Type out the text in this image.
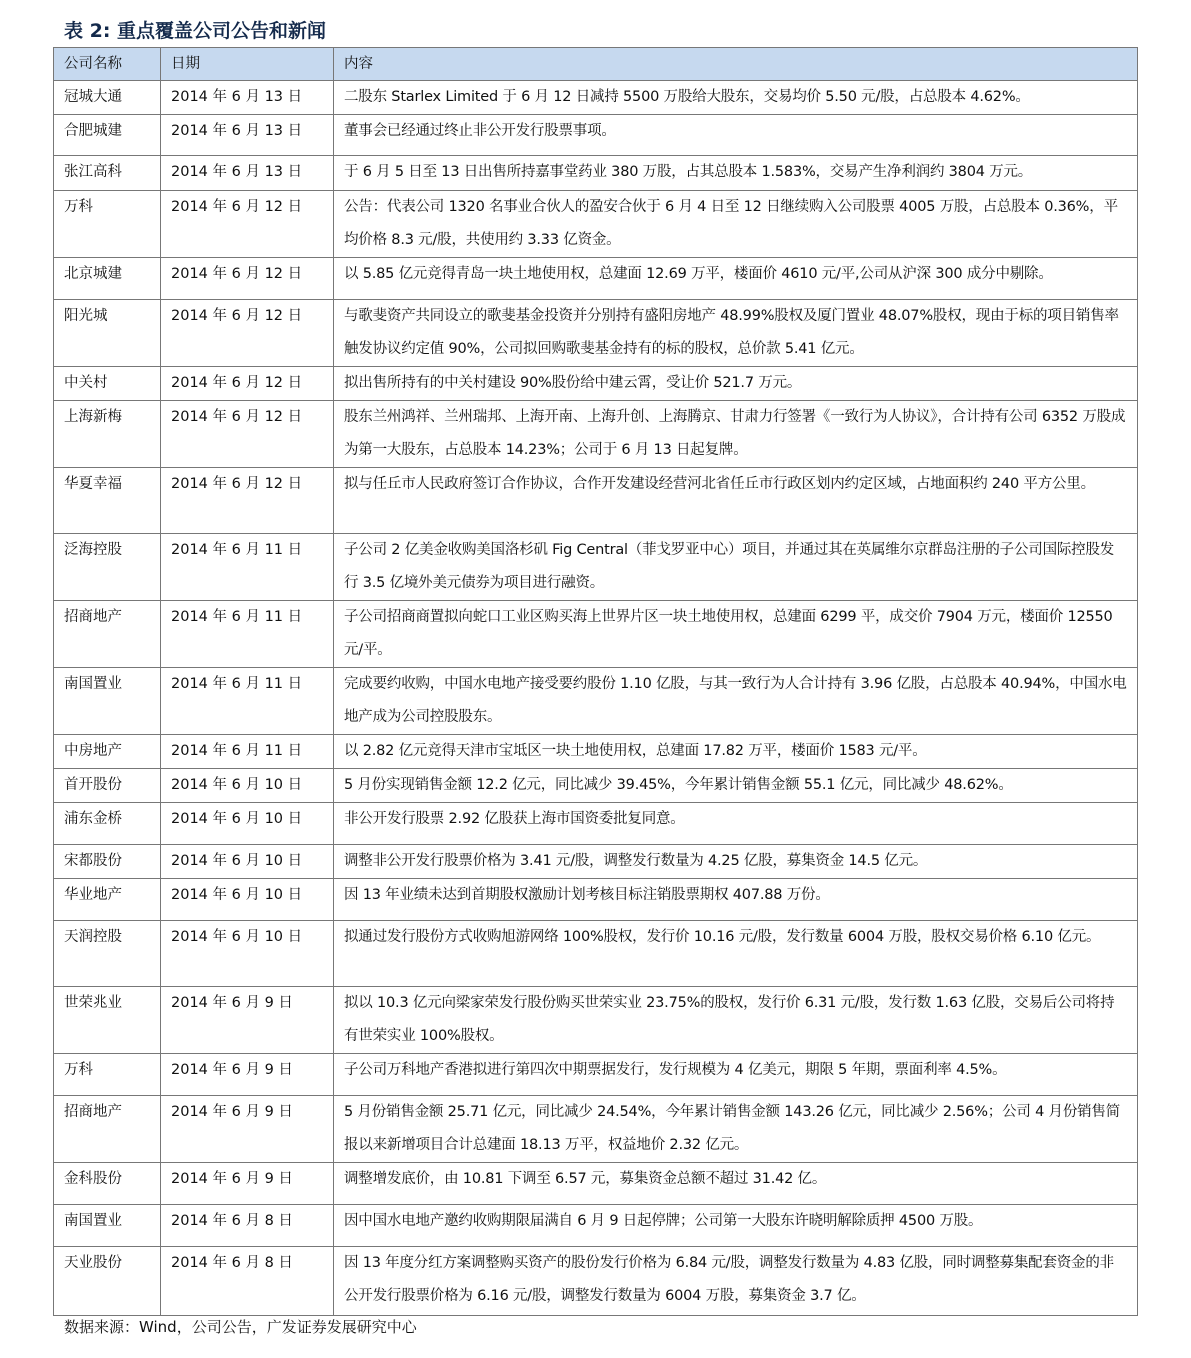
表 2: 重点覆盖公司公告和新闻
公司名称	日期	内容
冠城大通	2014 年 6 月 13 日	二股东 Starlex Limited 于 6 月 12 日减持 5500 万股给大股东，交易均价 5.50 元/股，占总股本 4.62%。
合肥城建	2014 年 6 月 13 日	董事会已经通过终止非公开发行股票事项。
张江高科	2014 年 6 月 13 日	于 6 月 5 日至 13 日出售所持嘉事堂药业 380 万股，占其总股本 1.583%，交易产生净利润约 3804 万元。
万科	2014 年 6 月 12 日	公告：代表公司 1320 名事业合伙人的盈安合伙于 6 月 4 日至 12 日继续购入公司股票 4005 万股，占总股本 0.36%，平均价格 8.3 元/股，共使用约 3.33 亿资金。
北京城建	2014 年 6 月 12 日	以 5.85 亿元竞得青岛一块土地使用权，总建面 12.69 万平，楼面价 4610 元/平,公司从沪深 300 成分中剔除。
阳光城	2014 年 6 月 12 日	与歌斐资产共同设立的歌斐基金投资并分别持有盛阳房地产 48.99%股权及厦门置业 48.07%股权，现由于标的项目销售率触发协议约定值 90%，公司拟回购歌斐基金持有的标的股权，总价款 5.41 亿元。
中关村	2014 年 6 月 12 日	拟出售所持有的中关村建设 90%股份给中建云霄，受让价 521.7 万元。
上海新梅	2014 年 6 月 12 日	股东兰州鸿祥、兰州瑞邦、上海开南、上海升创、上海腾京、甘肃力行签署《一致行为人协议》，合计持有公司 6352 万股成为第一大股东，占总股本 14.23%；公司于 6 月 13 日起复牌。
华夏幸福	2014 年 6 月 12 日	拟与任丘市人民政府签订合作协议，合作开发建设经营河北省任丘市行政区划内约定区域，占地面积约 240 平方公里。
泛海控股	2014 年 6 月 11 日	子公司 2 亿美金收购美国洛杉矶 Fig Central（菲戈罗亚中心）项目，并通过其在英属维尔京群岛注册的子公司国际控股发行 3.5 亿境外美元债券为项目进行融资。
招商地产	2014 年 6 月 11 日	子公司招商商置拟向蛇口工业区购买海上世界片区一块土地使用权，总建面 6299 平，成交价 7904 万元，楼面价 12550 元/平。
南国置业	2014 年 6 月 11 日	完成要约收购，中国水电地产接受要约股份 1.10 亿股，与其一致行为人合计持有 3.96 亿股，占总股本 40.94%，中国水电地产成为公司控股股东。
中房地产	2014 年 6 月 11 日	以 2.82 亿元竞得天津市宝坻区一块土地使用权，总建面 17.82 万平，楼面价 1583 元/平。
首开股份	2014 年 6 月 10 日	5 月份实现销售金额 12.2 亿元，同比减少 39.45%，今年累计销售金额 55.1 亿元，同比减少 48.62%。
浦东金桥	2014 年 6 月 10 日	非公开发行股票 2.92 亿股获上海市国资委批复同意。
宋都股份	2014 年 6 月 10 日	调整非公开发行股票价格为 3.41 元/股，调整发行数量为 4.25 亿股，募集资金 14.5 亿元。
华业地产	2014 年 6 月 10 日	因 13 年业绩未达到首期股权激励计划考核目标注销股票期权 407.88 万份。
天润控股	2014 年 6 月 10 日	拟通过发行股份方式收购旭游网络 100%股权，发行价 10.16 元/股，发行数量 6004 万股，股权交易价格 6.10 亿元。
世荣兆业	2014 年 6 月 9 日	拟以 10.3 亿元向梁家荣发行股份购买世荣实业 23.75%的股权，发行价 6.31 元/股，发行数 1.63 亿股，交易后公司将持有世荣实业 100%股权。
万科	2014 年 6 月 9 日	子公司万科地产香港拟进行第四次中期票据发行，发行规模为 4 亿美元，期限 5 年期，票面利率 4.5%。
招商地产	2014 年 6 月 9 日	5 月份销售金额 25.71 亿元，同比减少 24.54%，今年累计销售金额 143.26 亿元，同比减少 2.56%；公司 4 月份销售简报以来新增项目合计总建面 18.13 万平，权益地价 2.32 亿元。
金科股份	2014 年 6 月 9 日	调整增发底价，由 10.81 下调至 6.57 元，募集资金总额不超过 31.42 亿。
南国置业	2014 年 6 月 8 日	因中国水电地产邀约收购期限届满自 6 月 9 日起停牌；公司第一大股东许晓明解除质押 4500 万股。
天业股份	2014 年 6 月 8 日	因 13 年度分红方案调整购买资产的股份发行价格为 6.84 元/股，调整发行数量为 4.83 亿股，同时调整募集配套资金的非公开发行股票价格为 6.16 元/股，调整发行数量为 6004 万股，募集资金 3.7 亿。
数据来源：Wind，公司公告，广发证券发展研究中心
